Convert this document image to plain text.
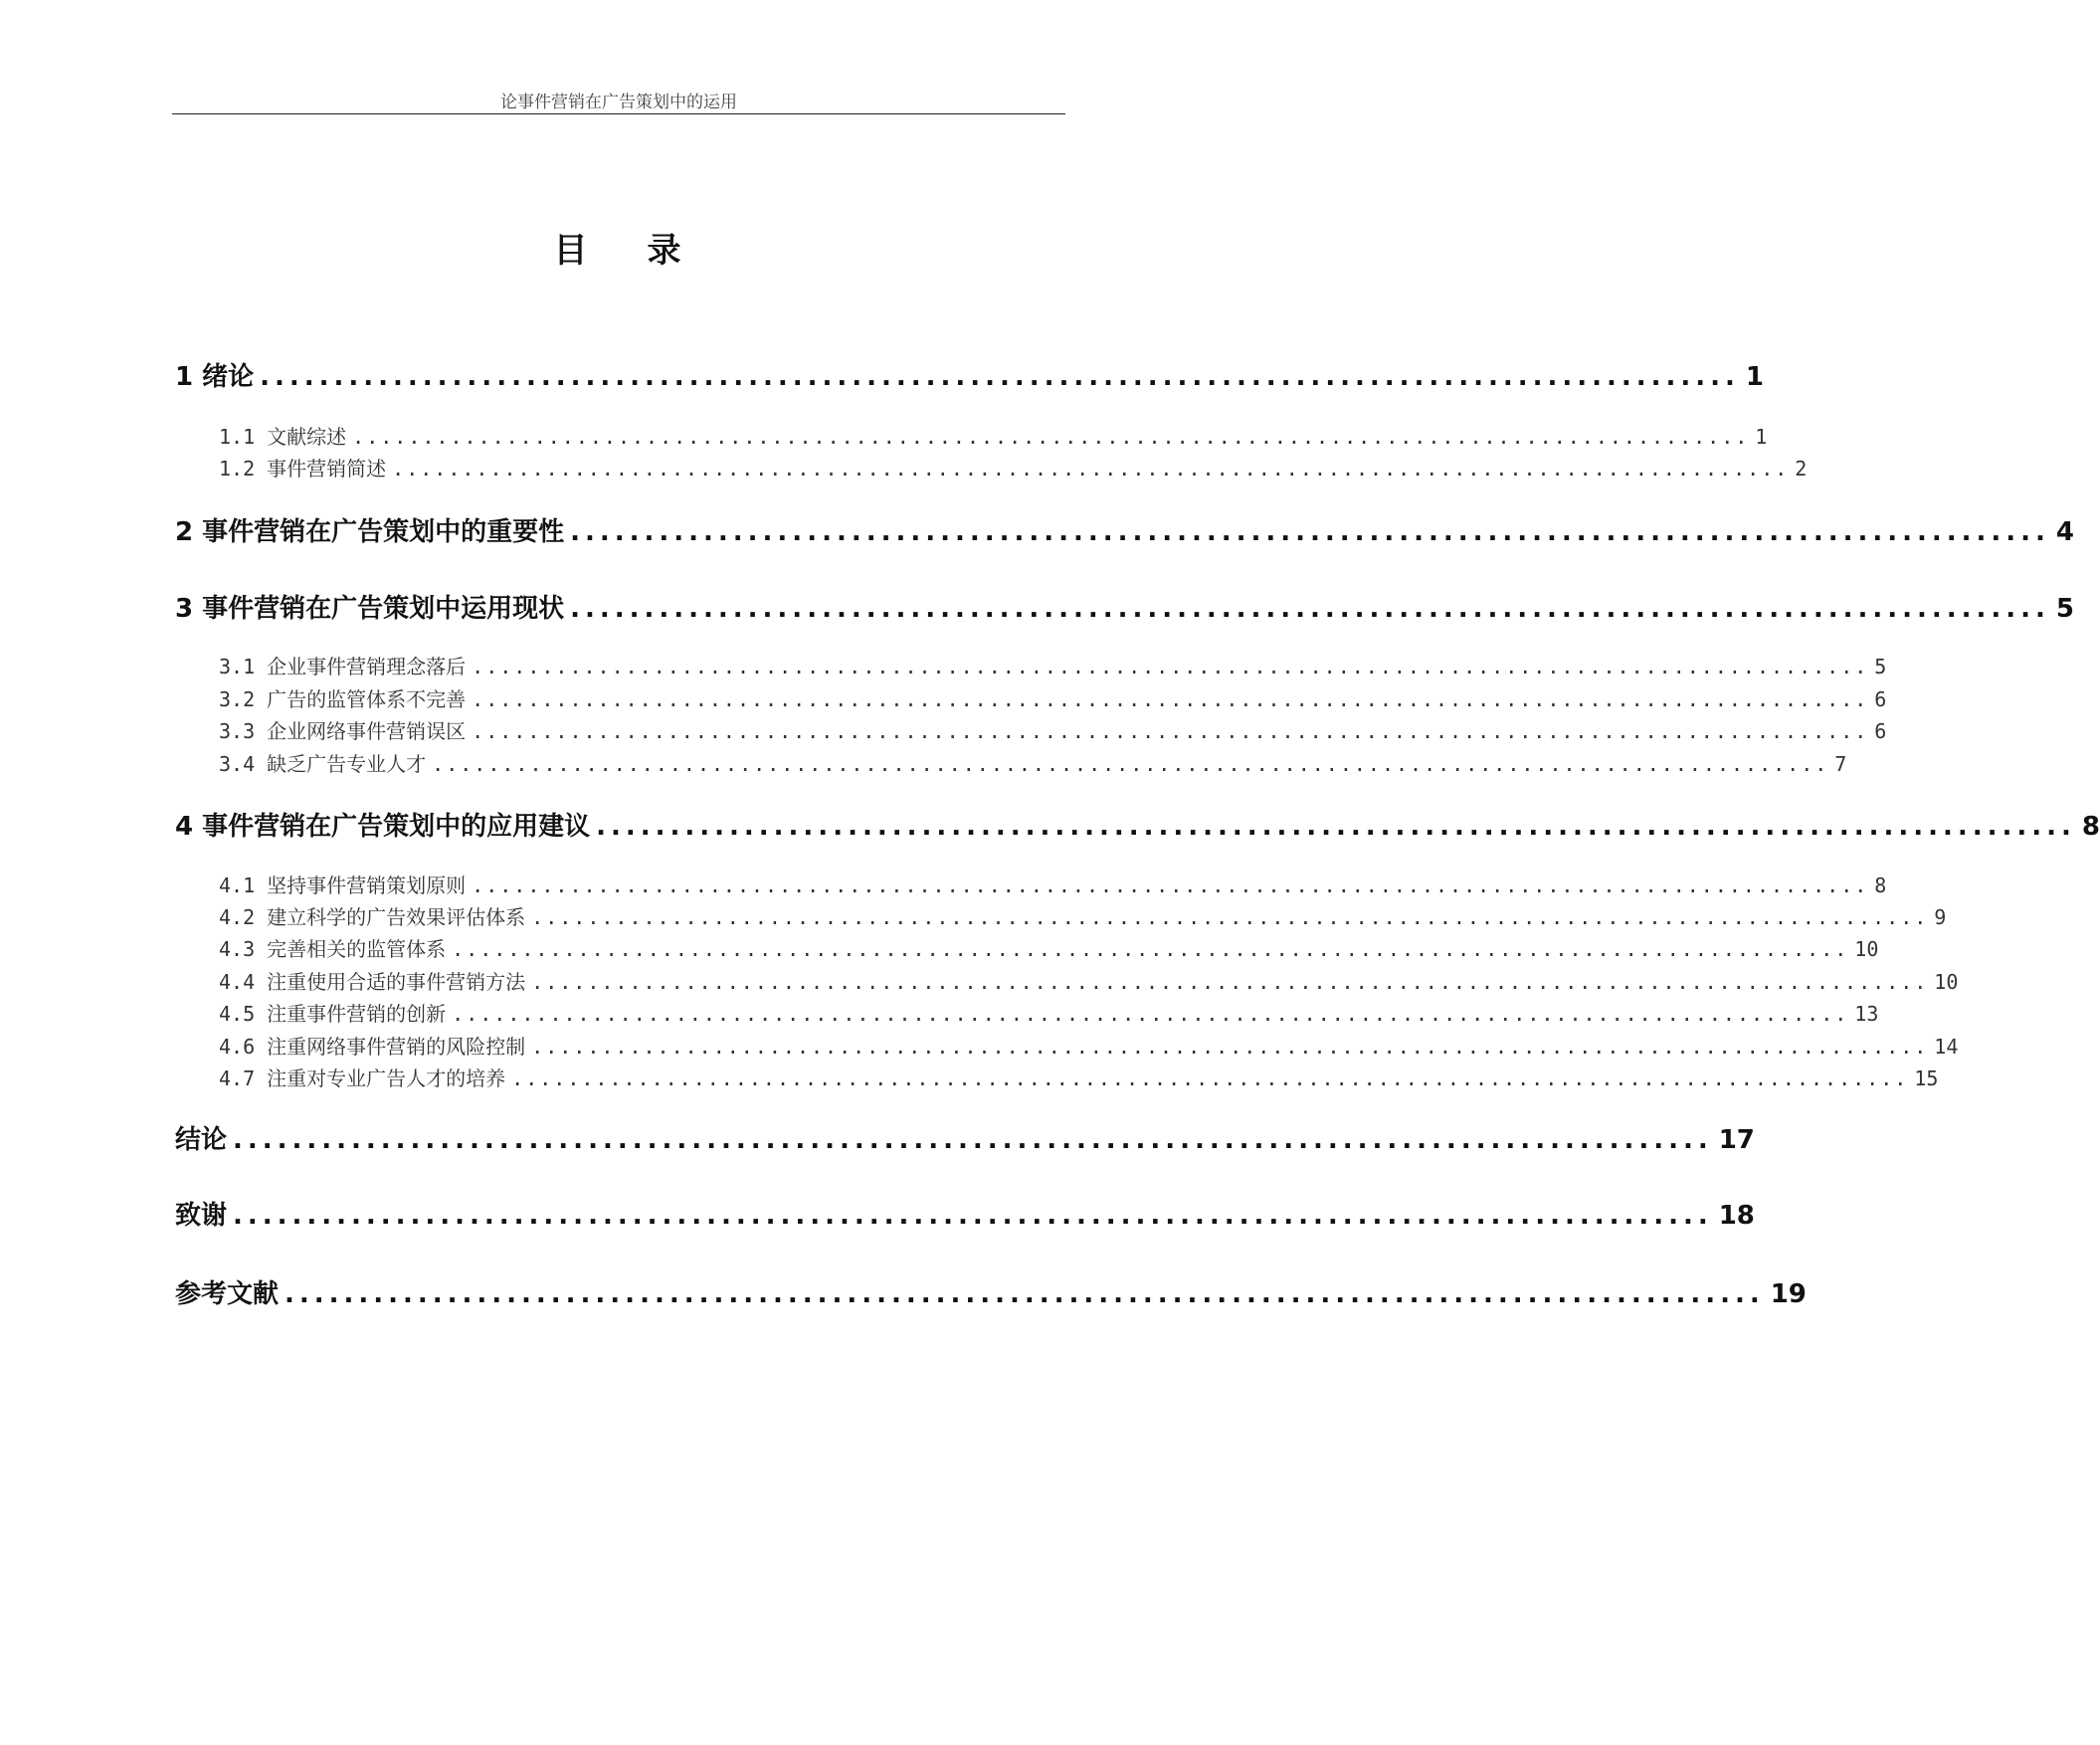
论事件营销在广告策划中的运用
目录
1 绪论 .................................................................................................... 1
1.1 文献综述 .................................................................................................... 1
1.2 事件营销简述 .................................................................................................... 2
2 事件营销在广告策划中的重要性 .................................................................................................... 4
3 事件营销在广告策划中运用现状 .................................................................................................... 5
3.1 企业事件营销理念落后 .................................................................................................... 5
3.2 广告的监管体系不完善 .................................................................................................... 6
3.3 企业网络事件营销误区 .................................................................................................... 6
3.4 缺乏广告专业人才 .................................................................................................... 7
4 事件营销在广告策划中的应用建议 .................................................................................................... 8
4.1 坚持事件营销策划原则 .................................................................................................... 8
4.2 建立科学的广告效果评估体系 .................................................................................................... 9
4.3 完善相关的监管体系 .................................................................................................... 10
4.4 注重使用合适的事件营销方法 .................................................................................................... 10
4.5 注重事件营销的创新 .................................................................................................... 13
4.6 注重网络事件营销的风险控制 .................................................................................................... 14
4.7 注重对专业广告人才的培养 .................................................................................................... 15
结论 .................................................................................................... 17
致谢 .................................................................................................... 18
参考文献 .................................................................................................... 19
